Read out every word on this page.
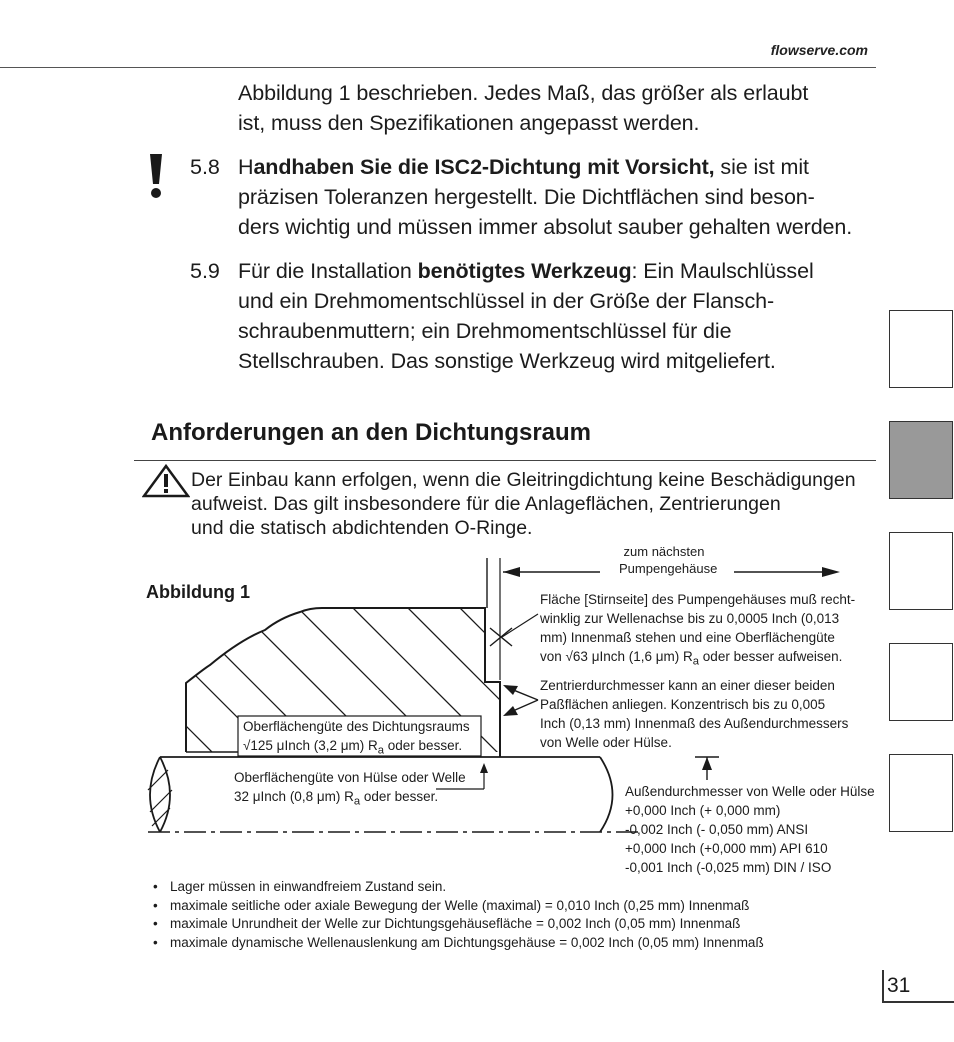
flowserve.com
Abbildung 1 beschrieben. Jedes Maß, das größer als erlaubt
ist, muss den Spezifikationen angepasst werden.
5.8 Handhaben Sie die ISC2-Dichtung mit Vorsicht, sie ist mit
präzisen Toleranzen hergestellt. Die Dichtflächen sind beson-
ders wichtig und müssen immer absolut sauber gehalten werden.
5.9 Für die Installation benötigtes Werkzeug: Ein Maulschlüssel
und ein Drehmomentschlüssel in der Größe der Flansch-
schraubenmuttern; ein Drehmomentschlüssel für die
Stellschrauben. Das sonstige Werkzeug wird mitgeliefert.
Anforderungen an den Dichtungsraum
Der Einbau kann erfolgen, wenn die Gleitringdichtung keine Beschädigungen
aufweist. Das gilt insbesondere für die Anlageflächen, Zentrierungen
und die statisch abdichtenden O-Ringe.
Abbildung 1
zum nächsten
Pumpengehäuse
Fläche [Stirnseite] des Pumpengehäuses muß recht-
winklig zur Wellenachse bis zu 0,0005 Inch (0,013
mm) Innenmaß stehen und eine Oberflächengüte
von √63 μInch (1,6 μm) $R_a$ oder besser aufweisen.
Zentrierdurchmesser kann an einer dieser beiden
Paßflächen anliegen. Konzentrisch bis zu 0,005
Inch (0,13 mm) Innenmaß des Außendurchmessers
von Welle oder Hülse.
Oberflächengüte des Dichtungsraums
√125 μInch (3,2 μm) $R_a$ oder besser.
Oberflächengüte von Hülse oder Welle
32 μInch (0,8 μm) $R_a$ oder besser.	Außendurchmesser von Welle oder Hülse
+0,000 Inch (+ 0,000 mm)
-0,002 Inch (- 0,050 mm) ANSI
+0,000 Inch (+0,000 mm) API 610
-0,001 Inch (-0,025 mm) DIN / ISO
• Lager müssen in einwandfreiem Zustand sein.
• maximale seitliche oder axiale Bewegung der Welle (maximal) = 0,010 Inch (0,25 mm) Innenmaß
• maximale Unrundheit der Welle zur Dichtungsgehäusefläche = 0,002 Inch (0,05 mm) Innenmaß
• maximale dynamische Wellenauslenkung am Dichtungsgehäuse = 0,002 Inch (0,05 mm) Innenmaß
31
